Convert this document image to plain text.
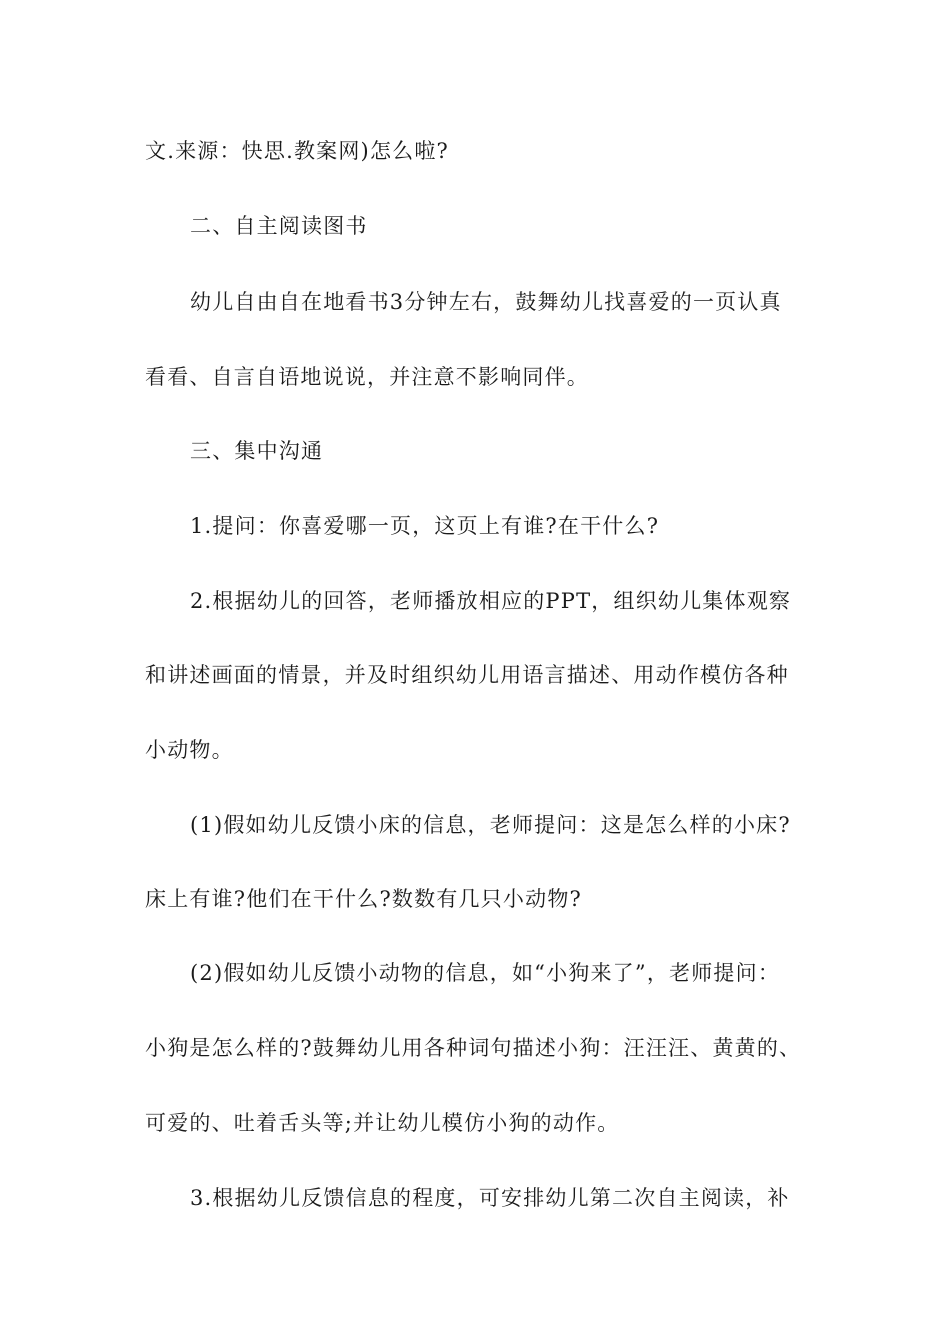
文.来源：快思.教案网)怎么啦?
二、自主阅读图书
幼儿自由自在地看书3分钟左右，鼓舞幼儿找喜爱的一页认真
看看、自言自语地说说，并注意不影响同伴。
三、集中沟通
1.提问：你喜爱哪一页，这页上有谁?在干什么?
2.根据幼儿的回答，老师播放相应的PPT，组织幼儿集体观察
和讲述画面的情景，并及时组织幼儿用语言描述、用动作模仿各种
小动物。
(1)假如幼儿反馈小床的信息，老师提问：这是怎么样的小床?
床上有谁?他们在干什么?数数有几只小动物?
(2)假如幼儿反馈小动物的信息，如“小狗来了”，老师提问：
小狗是怎么样的?鼓舞幼儿用各种词句描述小狗：汪汪汪、黄黄的、
可爱的、吐着舌头等;并让幼儿模仿小狗的动作。
3.根据幼儿反馈信息的程度，可安排幼儿第二次自主阅读，补
